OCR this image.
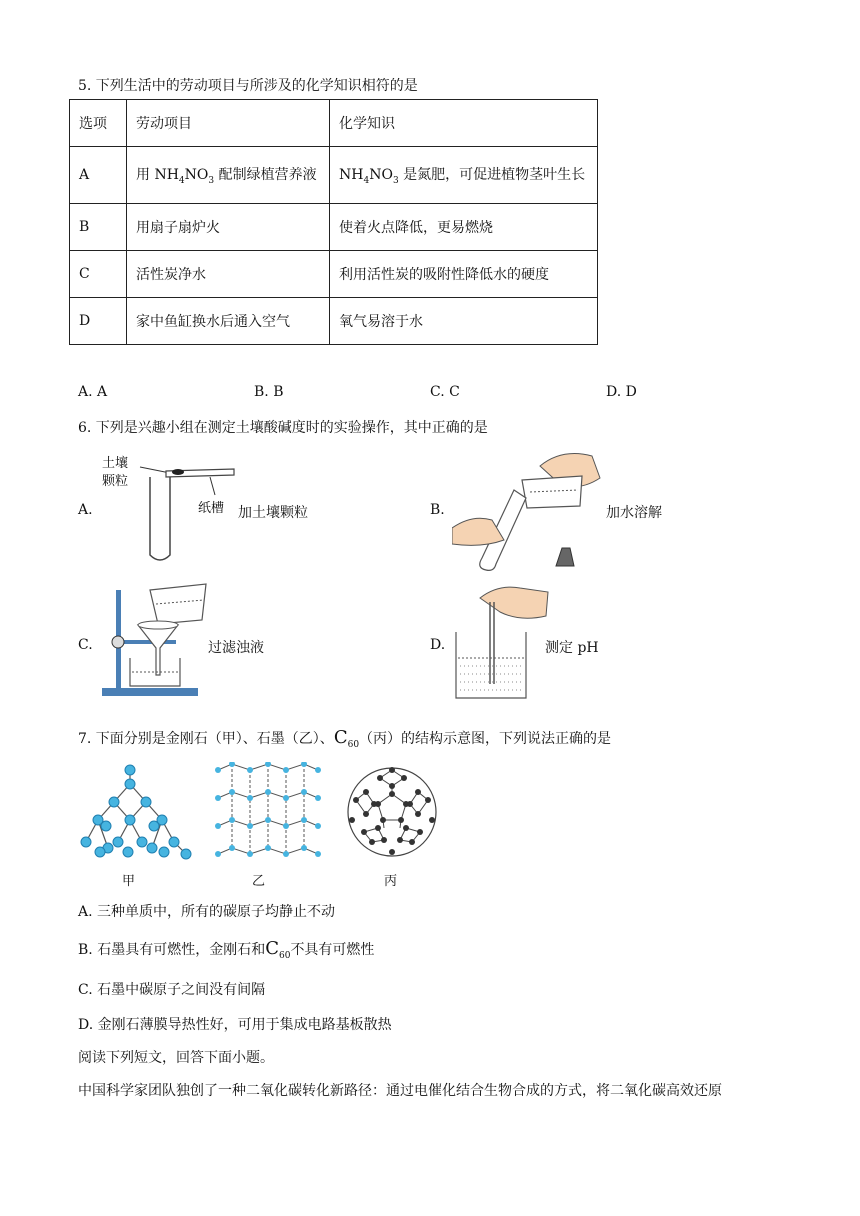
5. 下列生活中的劳动项目与所涉及的化学知识相符的是
选项	劳动项目	化学知识
A	用 $NH_4NO_3$ 配制绿植营养液	$NH_4NO_3$ 是氮肥，可促进植物茎叶生长
B	用扇子扇炉火	使着火点降低，更易燃烧
C	活性炭净水	利用活性炭的吸附性降低水的硬度
D	家中鱼缸换水后通入空气	氧气易溶于水
A. A	B. B	C. C	D. D
6. 下列是兴趣小组在测定土壤酸碱度时的实验操作，其中正确的是
A.
土壤
颗粒
纸槽 加土壤颗粒	B.	加水溶解
C.	过滤浊液	D.	测定 pH
7. 下面分别是金刚石（甲）、石墨（乙）、$C_{60}$（丙）的结构示意图，下列说法正确的是
甲	乙	丙
A. 三种单质中，所有的碳原子均静止不动
B. 石墨具有可燃性，金刚石和$C_{60}$不具有可燃性
C. 石墨中碳原子之间没有间隔
D. 金刚石薄膜导热性好，可用于集成电路基板散热
阅读下列短文，回答下面小题。
中国科学家团队独创了一种二氧化碳转化新路径：通过电催化结合生物合成的方式，将二氧化碳高效还原
